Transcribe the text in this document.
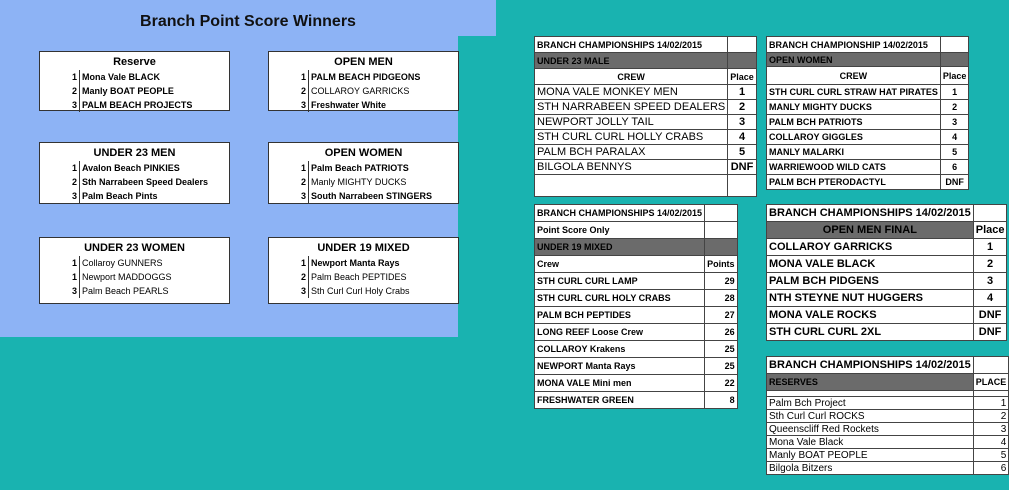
Branch Point Score Winners
Reserve
1 Mona Vale BLACK
2 Manly BOAT PEOPLE
3 PALM BEACH PROJECTS
OPEN MEN
1 PALM BEACH PIDGEONS
2 COLLAROY GARRICKS
3 Freshwater White
UNDER 23 MEN
1 Avalon Beach PINKIES
2 Sth Narrabeen Speed Dealers
3 Palm Beach Pints
OPEN WOMEN
1 Palm Beach PATRIOTS
2 Manly MIGHTY DUCKS
3 South Narrabeen STINGERS
UNDER 23 WOMEN
1 Collaroy GUNNERS
1 Newport MADDOGGS
3 Palm Beach PEARLS
UNDER 19 MIXED
1 Newport Manta Rays
2 Palm Beach PEPTIDES
3 Sth Curl Curl Holy Crabs
BRANCH CHAMPIONSHIPS 14/02/2015	
UNDER 23 MALE	
CREW	Place
MONA VALE MONKEY MEN	1
STH NARRABEEN SPEED DEALERS	2
NEWPORT JOLLY TAIL	3
STH CURL CURL HOLLY CRABS	4
PALM BCH PARALAX	5
BILGOLA BENNYS	DNF

BRANCH CHAMPIONSHIP 14/02/2015	
OPEN WOMEN	
CREW	Place
STH CURL CURL STRAW HAT PIRATES	1
MANLY MIGHTY DUCKS	2
PALM BCH PATRIOTS	3
COLLAROY GIGGLES	4
MANLY MALARKI	5
WARRIEWOOD WILD CATS	6
PALM BCH PTERODACTYL	DNF
BRANCH CHAMPIONSHIPS 14/02/2015	
Point Score Only	
UNDER 19 MIXED	
Crew	Points
STH CURL CURL LAMP	29
STH CURL CURL HOLY CRABS	28
PALM BCH PEPTIDES	27
LONG REEF Loose Crew	26
COLLAROY Krakens	25
NEWPORT Manta Rays	25
MONA VALE Mini men	22
FRESHWATER GREEN	8
BRANCH CHAMPIONSHIPS 14/02/2015	
OPEN MEN FINAL	Place
COLLAROY GARRICKS	1
MONA VALE BLACK	2
PALM BCH PIDGENS	3
NTH STEYNE NUT HUGGERS	4
MONA VALE ROCKS	DNF
STH CURL CURL 2XL	DNF
BRANCH CHAMPIONSHIPS 14/02/2015	
RESERVES	PLACE

Palm Bch Project	1
Sth Curl Curl ROCKS	2
Queenscliff Red Rockets	3
Mona Vale Black	4
Manly BOAT PEOPLE	5
Bilgola Bitzers	6
